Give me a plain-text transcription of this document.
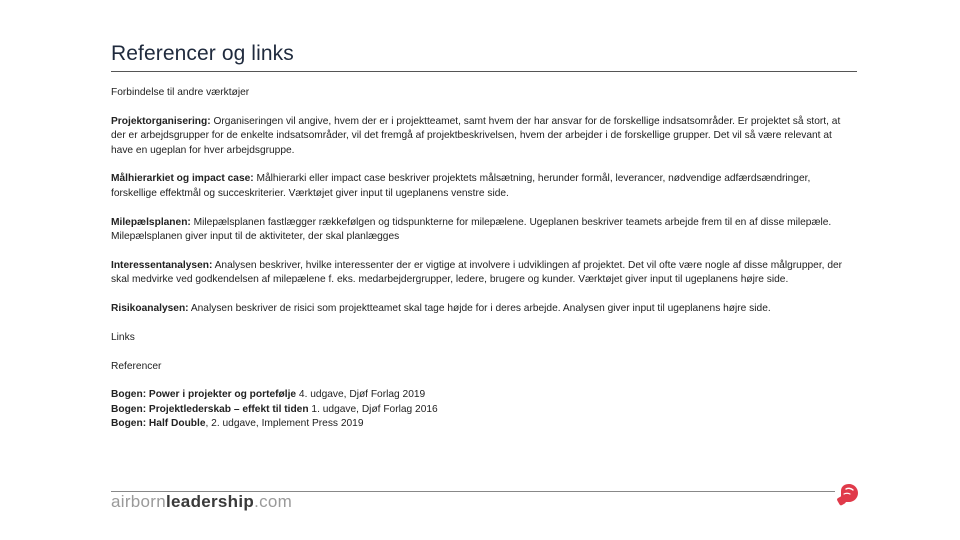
Referencer og links

Forbindelse til andre værktøjer

Projektorganisering: Organiseringen vil angive, hvem der er i projektteamet, samt hvem der har ansvar for de forskellige indsatsområder. Er projektet så stort, at der er arbejdsgrupper for de enkelte indsatsområder, vil det fremgå af projektbeskrivelsen, hvem der arbejder i de forskellige grupper. Det vil så være relevant at have en ugeplan for hver arbejdsgruppe.

Målhierarkiet og impact case: Målhierarki eller impact case beskriver projektets målsætning, herunder formål, leverancer, nødvendige adfærdsændringer, forskellige effektmål og succeskriterier. Værktøjet giver input til ugeplanens venstre side.

Milepælsplanen: Milepælsplanen fastlægger rækkefølgen og tidspunkterne for milepælene. Ugeplanen beskriver teamets arbejde frem til en af disse milepæle. Milepælsplanen giver input til de aktiviteter, der skal planlægges

Interessentanalysen: Analysen beskriver, hvilke interessenter der er vigtige at involvere i udviklingen af projektet. Det vil ofte være nogle af disse målgrupper, der skal medvirke ved godkendelsen af milepælene f. eks. medarbejdergrupper, ledere, brugere og kunder. Værktøjet giver input til ugeplanens højre side.

Risikoanalysen: Analysen beskriver de risici som projektteamet skal tage højde for i deres arbejde. Analysen giver input til ugeplanens højre side.

Links

Referencer

Bogen: Power i projekter og portefølje 4. udgave, Djøf Forlag 2019

Bogen: Projektlederskab – effekt til tiden 1. udgave, Djøf Forlag 2016

Bogen: Half Double, 2. udgave, Implement Press 2019

airbornleadership.com
